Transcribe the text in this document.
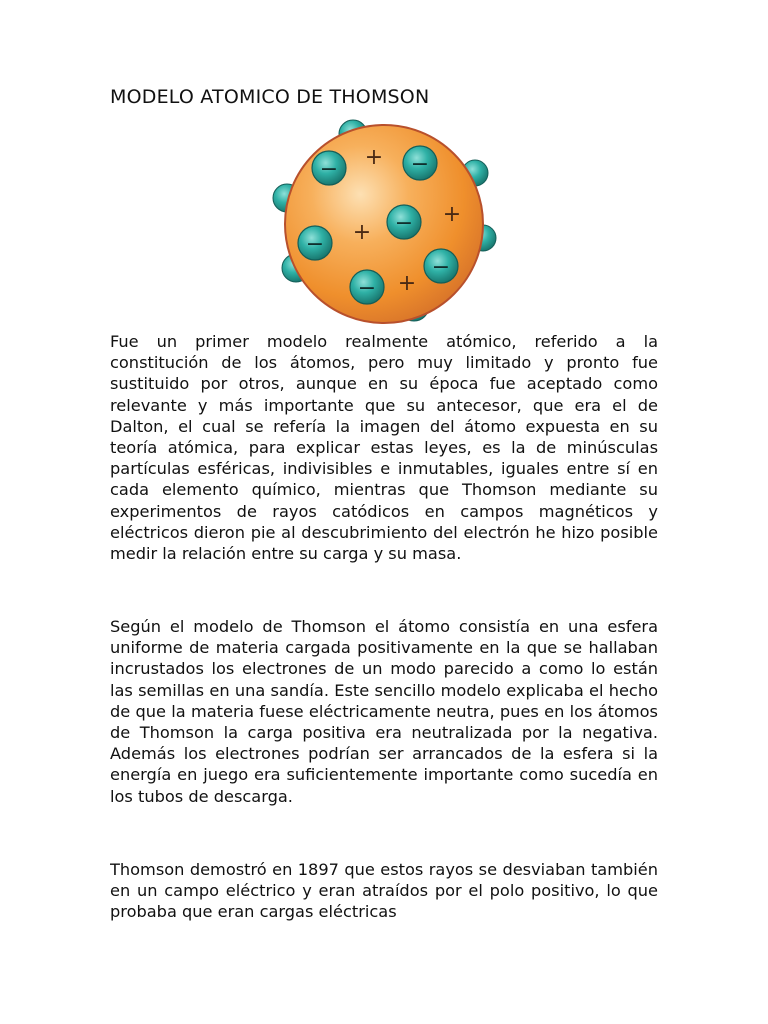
MODELO ATOMICO DE THOMSON
+
+
+
+
−	−
−
−
−
−

Fue un primer modelo realmente atómico, referido a la constitución de los átomos, pero muy limitado y pronto fue sustituido por otros, aunque en su época fue aceptado como relevante y más importante que su antecesor, que era el de Dalton, el cual se refería la imagen del átomo expuesta en su teoría atómica, para explicar estas leyes, es la de minúsculas partículas esféricas, indivisibles e inmutables, iguales entre sí en cada elemento químico, mientras que Thomson mediante su experimentos de rayos catódicos en campos magnéticos y eléctricos dieron pie al descubrimiento del electrón he hizo posible medir la relación entre su carga y su masa.

Según el modelo de Thomson el átomo consistía en una esfera uniforme de materia cargada positivamente en la que se hallaban incrustados los electrones de un modo parecido a como lo están las semillas en una sandía. Este sencillo modelo explicaba el hecho de que la materia fuese eléctricamente neutra, pues en los átomos de Thomson la carga positiva era neutralizada por la negativa. Además los electrones podrían ser arrancados de la esfera si la energía en juego era suficientemente importante como sucedía en los tubos de descarga.

Thomson demostró en 1897 que estos rayos se desviaban también en un campo eléctrico y eran atraídos por el polo positivo, lo que probaba que eran cargas eléctricas
